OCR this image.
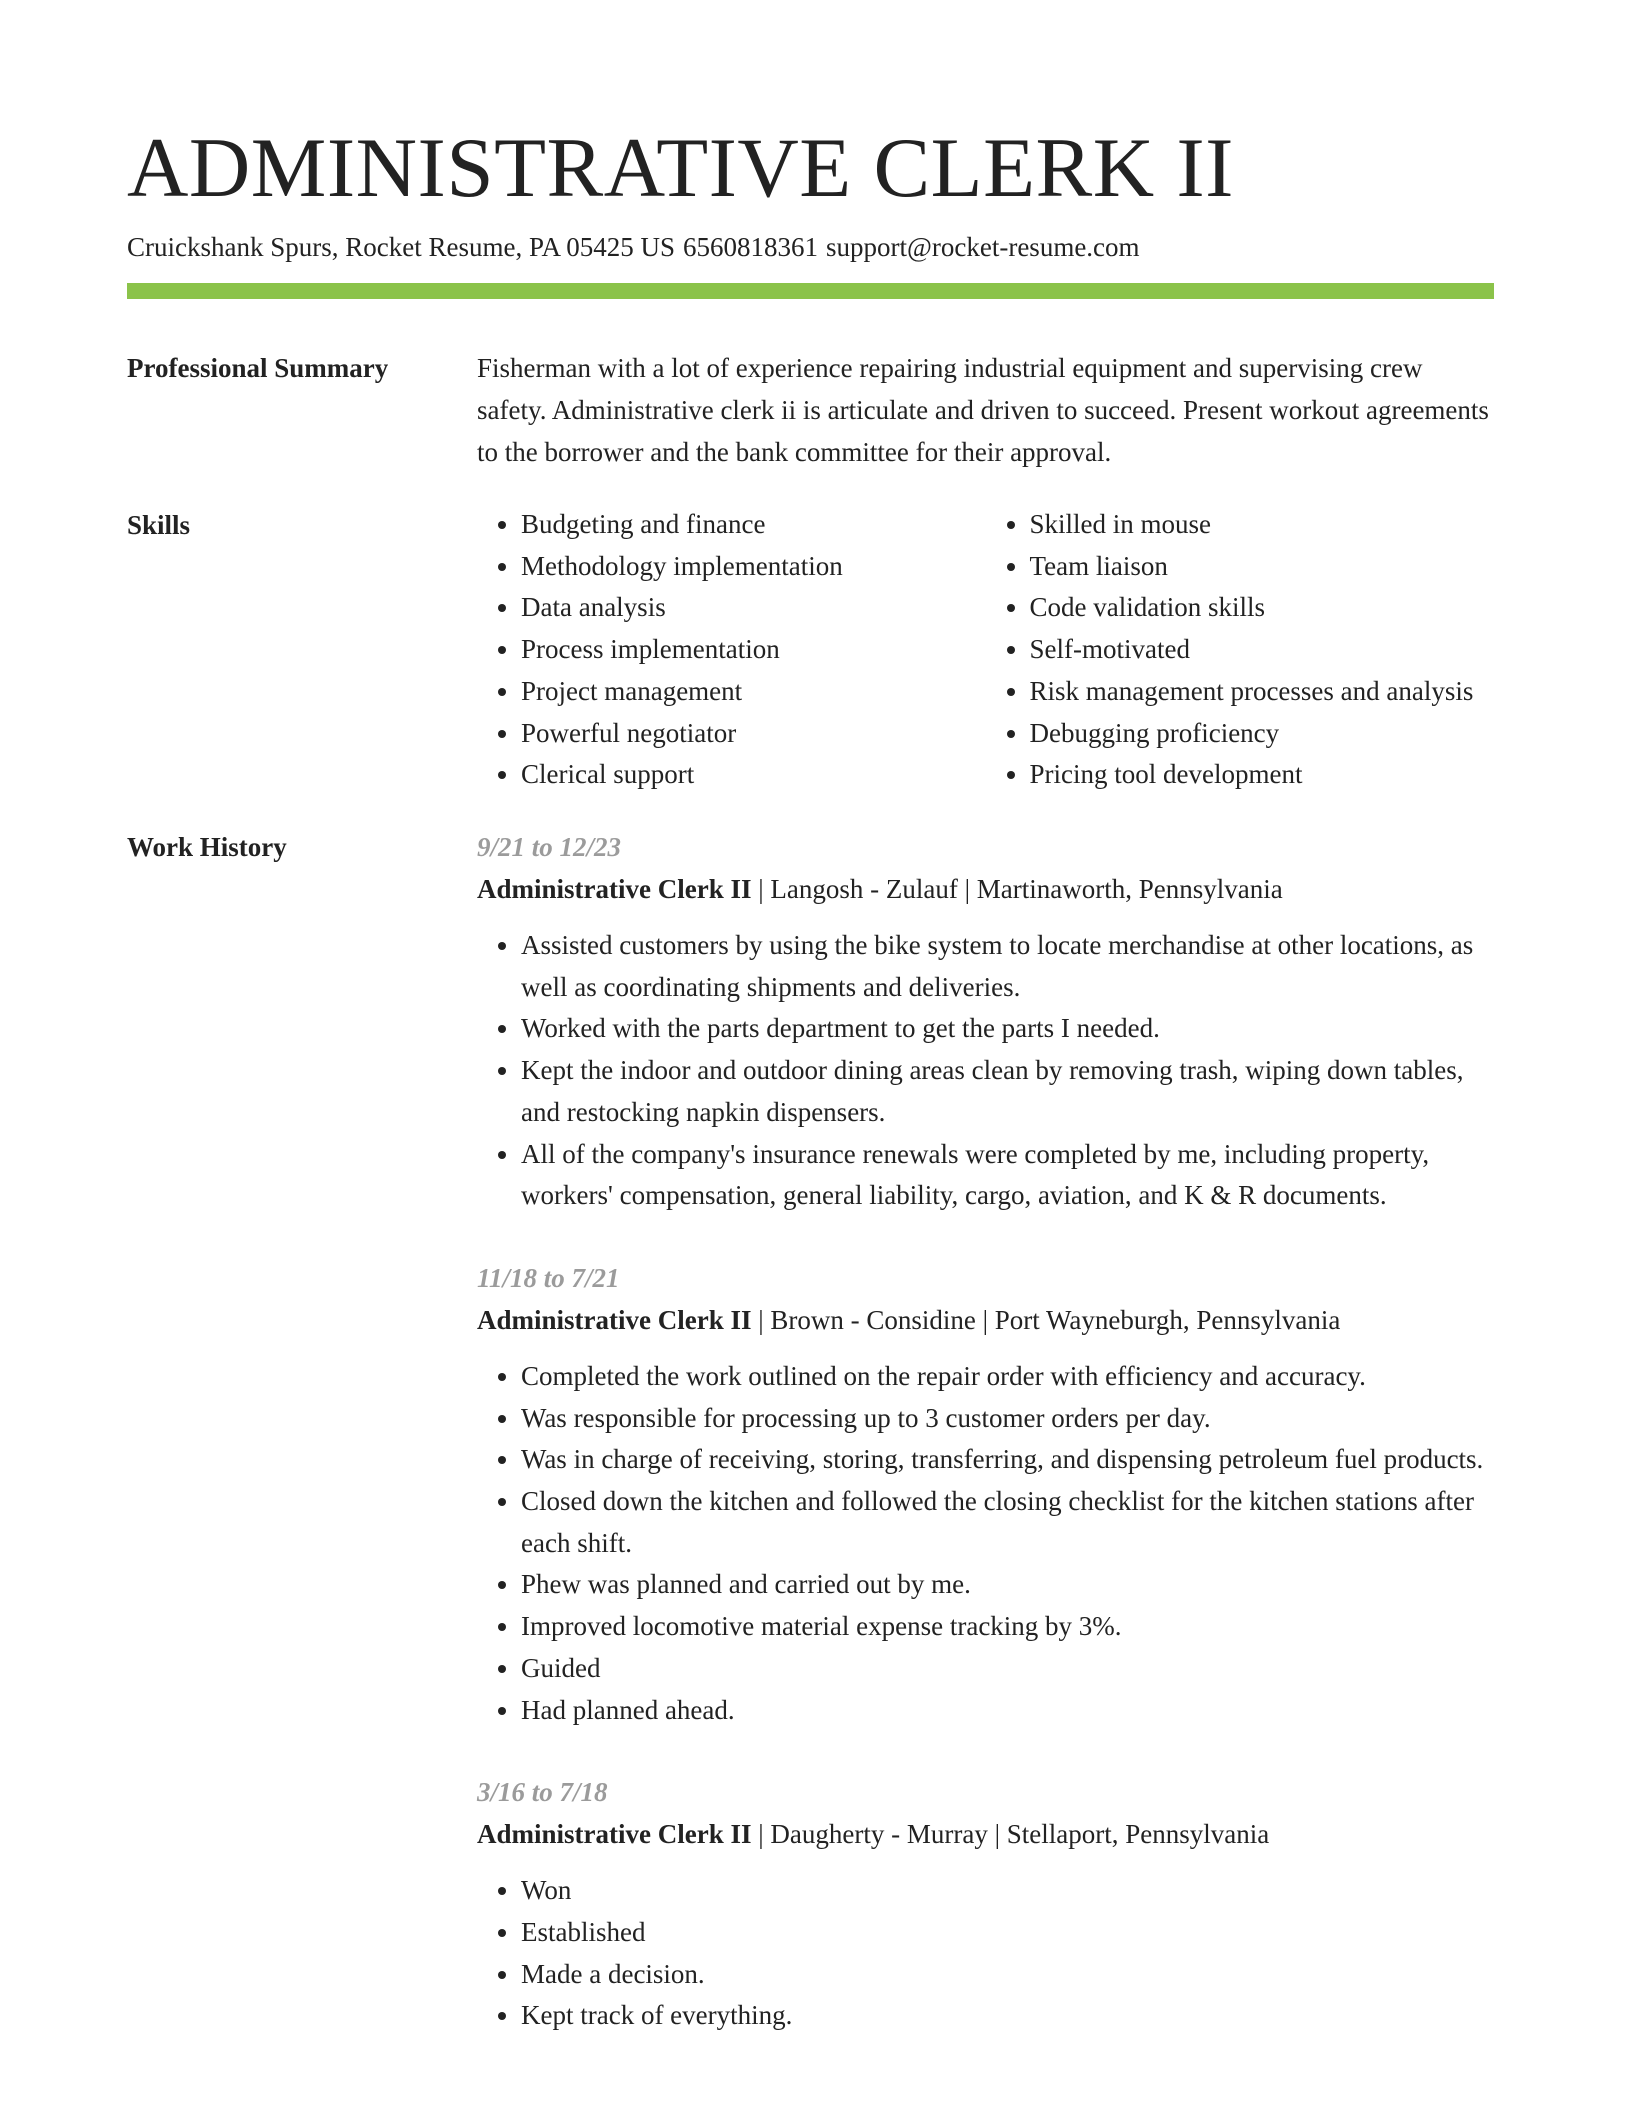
ADMINISTRATIVE CLERK II
Cruickshank Spurs, Rocket Resume, PA 05425 US 6560818361 support@rocket-resume.com
Professional Summary	Fisherman with a lot of experience repairing industrial equipment and supervising crew safety. Administrative clerk ii is articulate and driven to succeed. Present workout agreements to the borrower and the bank committee for their approval.

Skills
•	Budgeting and finance
• Methodology implementation
• Data analysis
• Process implementation
• Project management
• Powerful negotiator
• Clerical support
• Skilled in mouse
• Team liaison
• Code validation skills
• Self-motivated
• Risk management processes and analysis
• Debugging proficiency
• Pricing tool development
Work History	9/21 to 12/23
Administrative Clerk II | Langosh - Zulauf | Martinaworth, Pennsylvania
• Assisted customers by using the bike system to locate merchandise at other locations, as well as coordinating shipments and deliveries.
• Worked with the parts department to get the parts I needed.
• Kept the indoor and outdoor dining areas clean by removing trash, wiping down tables, and restocking napkin dispensers.
• All of the company's insurance renewals were completed by me, including property, workers' compensation, general liability, cargo, aviation, and K & R documents.
11/18 to 7/21
Administrative Clerk II | Brown - Considine | Port Wayneburgh, Pennsylvania
• Completed the work outlined on the repair order with efficiency and accuracy.
• Was responsible for processing up to 3 customer orders per day.
• Was in charge of receiving, storing, transferring, and dispensing petroleum fuel products.
• Closed down the kitchen and followed the closing checklist for the kitchen stations after each shift.
• Phew was planned and carried out by me.
• Improved locomotive material expense tracking by 3%.
• Guided
• Had planned ahead.
3/16 to 7/18
Administrative Clerk II | Daugherty - Murray | Stellaport, Pennsylvania
• Won
• Established
• Made a decision.
• Kept track of everything.
